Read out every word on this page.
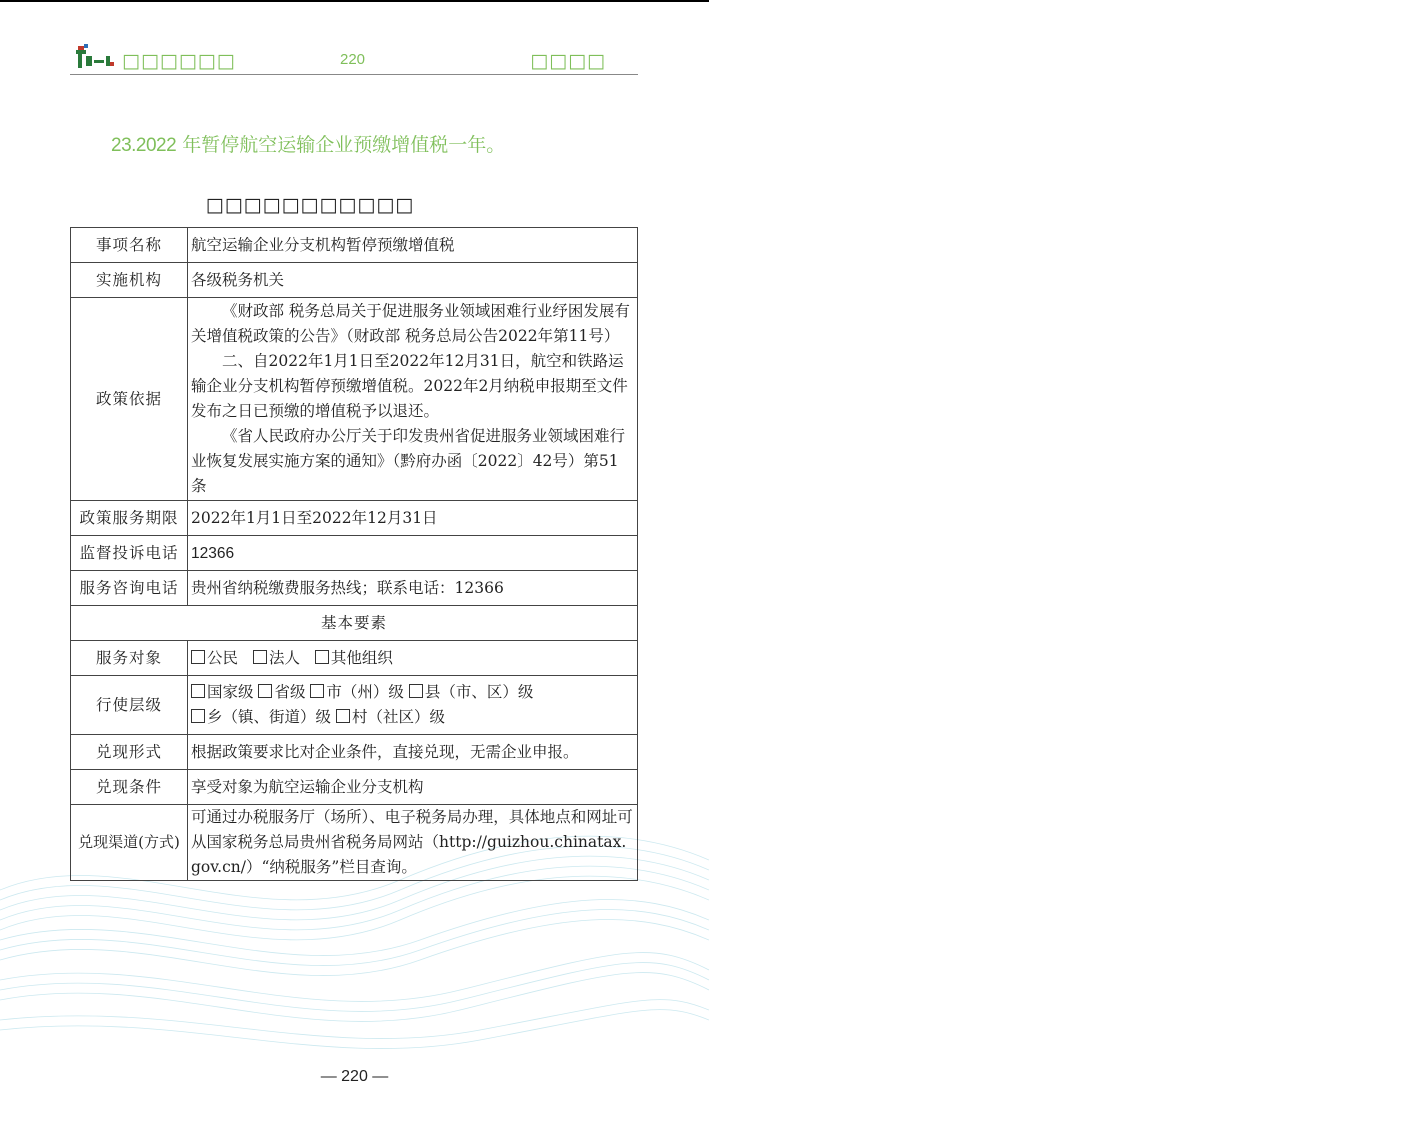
□□□□□□	220	□□□□
23.2022 年暂停航空运输企业预缴增值税一年。
□□□□□□□□□□□
事项名称	航空运输企业分支机构暂停预缴增值税
实施机构	各级税务机关
政策依据	《财政部 税务总局关于促进服务业领域困难行业纾困发展有关增值税政策的公告》（财政部 税务总局公告2022年第11号）
二、自2022年1月1日至2022年12月31日，航空和铁路运输企业分支机构暂停预缴增值税。2022年2月纳税申报期至文件发布之日已预缴的增值税予以退还。
《省人民政府办公厅关于印发贵州省促进服务业领域困难行业恢复发展实施方案的通知》（黔府办函〔2022〕42号）第51条

政策服务期限	2022年1月1日至2022年12月31日
监督投诉电话	12366
服务咨询电话	贵州省纳税缴费服务热线；联系电话：12366
基本要素	
服务对象	公民 法人 其他组织
行使层级	国家级 省级 市（州）级 县（市、区）级
乡（镇、街道）级 村（社区）级
兑现形式	根据政策要求比对企业条件，直接兑现，无需企业申报。
兑现条件	享受对象为航空运输企业分支机构
兑现渠道(方式)	可通过办税服务厅（场所）、电子税务局办理，具体地点和网址可从国家税务总局贵州省税务局网站（http://guizhou.chinatax.gov.cn/）“纳税服务”栏目查询。
— 220 —
